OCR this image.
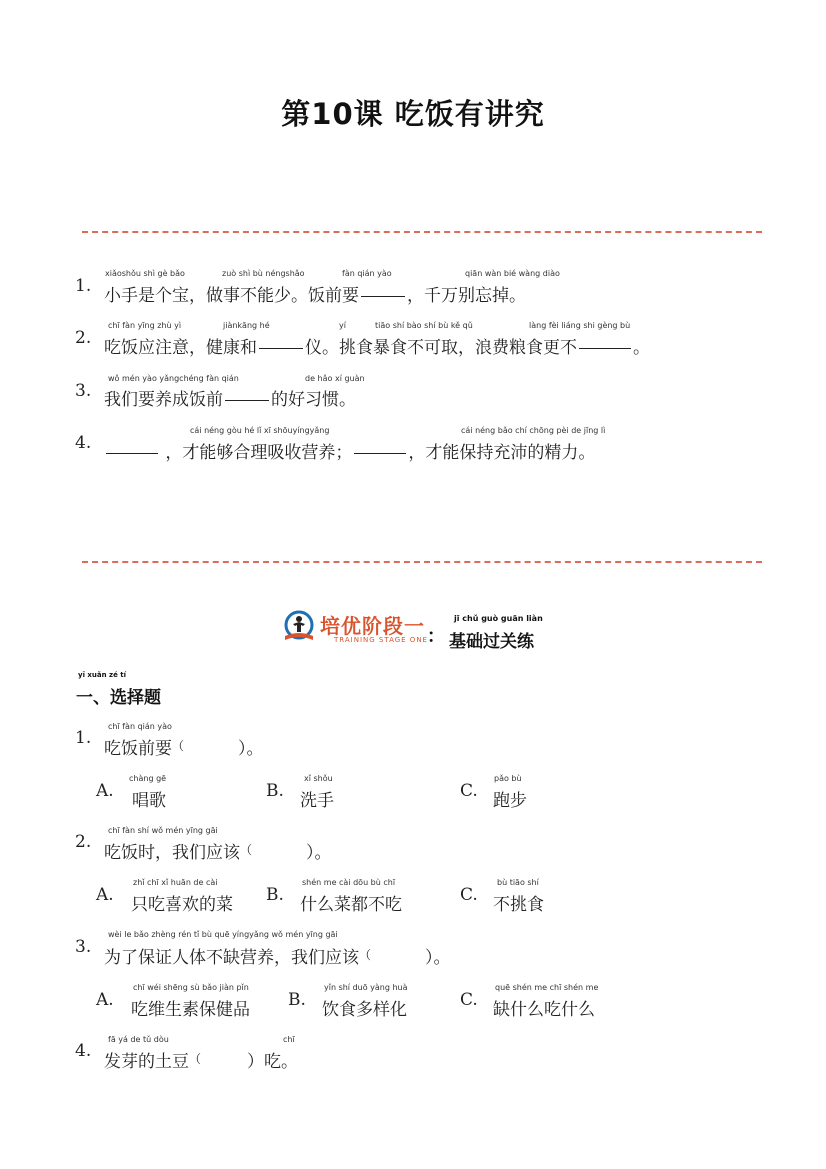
第10课 吃饭有讲究
1.
xiǎoshǒu shì gè bǎo	zuò shì bù néngshǎo	fàn qián yào	qiān wàn bié wàng diào
小手是个宝，做事不能少。饭前要	，千万别忘掉。
2.
chī fàn yīng zhù yì	jiànkāng hé	yí	tiāo shí bào shí bù kě qǔ	làng fèi liáng shi gèng bù
吃饭应注意，健康和	仪。挑食暴食不可取，浪费粮食更不	。
3.
wǒ mén yào yǎngchéng fàn qián	de hǎo xí guàn
我们要养成饭前	的好习惯。
4.
cái néng gòu hé lǐ xī shōuyíngyǎng	cái néng bǎo chí chōng pèi de jīng lì
，才能够合理吸收营养；	，才能保持充沛的精力。
培优阶段一
TRAINING STAGE ONE ：
jī chǔ guò guān liàn
基础过关练
yī xuǎn zé tí
一、选择题
1.
chī fàn qián yào
吃饭前要（	）。
A.
chàng gē
唱歌	B.
xǐ shǒu
洗手	C.
pǎo bù
跑步
2.
chī fàn shí wǒ mén yīng gāi
吃饭时，我们应该（	）。
A.
zhǐ chī xǐ huān de cài
只吃喜欢的菜 B.
shén me cài dōu bù chī
什么菜都不吃	C.
bù tiāo shí
不挑食
3.
wèi le bǎo zhèng rén tǐ bù quē yíngyǎng wǒ mén yīng gāi
为了保证人体不缺营养，我们应该（	）。
A.
chī wéi shēng sù bǎo jiàn pǐn
吃维生素保健品 B.
yǐn shí duō yàng huà
饮食多样化	C.
quē shén me chī shén me
缺什么吃什么
4.
fā yá de tǔ dòu	chī
发芽的土豆（	）吃。
